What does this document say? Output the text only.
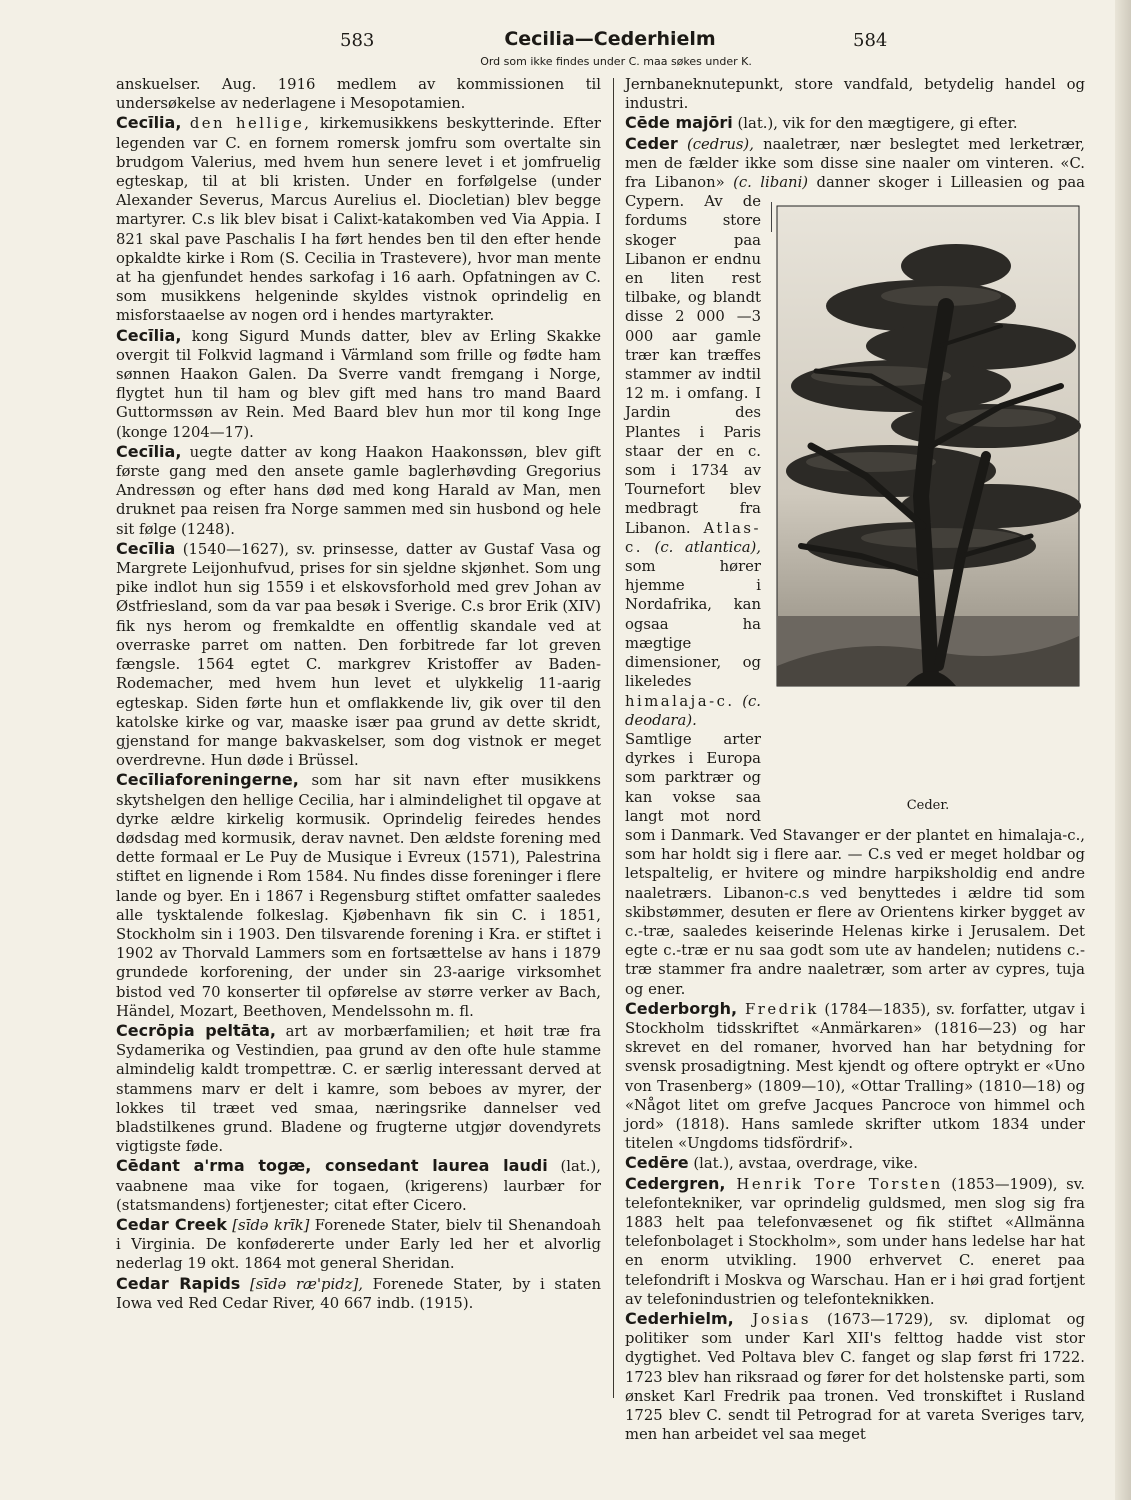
583	Cecilia—Cederhielm	584
Ord som ikke findes under C. maa søkes under K.

anskuelser. Aug. 1916 medlem av kommissionen til undersøkelse av nederlagene i Mesopotamien.

Cecīlia, den hellige, kirkemusikkens beskytterinde. Efter legenden var C. en fornem romersk jomfru som overtalte sin brudgom Valerius, med hvem hun senere levet i et jomfruelig egteskap, til at bli kristen. Under en forfølgelse (under Alexander Severus, Marcus Aurelius el. Diocletian) blev begge martyrer. C.s lik blev bisat i Calixt-katakomben ved Via Appia. I 821 skal pave Paschalis I ha ført hendes ben til den efter hende opkaldte kirke i Rom (S. Cecilia in Trastevere), hvor man mente at ha gjenfundet hendes sarkofag i 16 aarh. Opfatningen av C. som musikkens helgeninde skyldes vistnok oprindelig en misforstaaelse av nogen ord i hendes martyrakter.

Cecīlia, kong Sigurd Munds datter, blev av Erling Skakke overgit til Folkvid lagmand i Värmland som frille og fødte ham sønnen Haakon Galen. Da Sverre vandt fremgang i Norge, flygtet hun til ham og blev gift med hans tro mand Baard Guttormssøn av Rein. Med Baard blev hun mor til kong Inge (konge 1204—17).

Cecīlia, uegte datter av kong Haakon Haakonssøn, blev gift første gang med den ansete gamle baglerhøvding Gregorius Andressøn og efter hans død med kong Harald av Man, men druknet paa reisen fra Norge sammen med sin husbond og hele sit følge (1248).

Cecīlia (1540—1627), sv. prinsesse, datter av Gustaf Vasa og Margrete Leijonhufvud, prises for sin sjeldne skjønhet. Som ung pike indlot hun sig 1559 i et elskovsforhold med grev Johan av Østfriesland, som da var paa besøk i Sverige. C.s bror Erik (XIV) fik nys herom og fremkaldte en offentlig skandale ved at overraske parret om natten. Den forbitrede far lot greven fængsle. 1564 egtet C. markgrev Kristoffer av Baden-Rodemacher, med hvem hun levet et ulykkelig 11-aarig egteskap. Siden førte hun et omflakkende liv, gik over til den katolske kirke og var, maaske især paa grund av dette skridt, gjenstand for mange bakvaskelser, som dog vistnok er meget overdrevne. Hun døde i Brüssel.

Cecīliaforeningerne, som har sit navn efter musikkens skytshelgen den hellige Cecilia, har i almindelighet til opgave at dyrke ældre kirkelig kormusik. Oprindelig feiredes hendes dødsdag med kormusik, derav navnet. Den ældste forening med dette formaal er Le Puy de Musique i Evreux (1571), Palestrina stiftet en lignende i Rom 1584. Nu findes disse foreninger i flere lande og byer. En i 1867 i Regensburg stiftet omfatter saaledes alle tysktalende folkeslag. Kjøbenhavn fik sin C. i 1851, Stockholm sin i 1903. Den tilsvarende forening i Kra. er stiftet i 1902 av Thorvald Lammers som en fortsættelse av hans i 1879 grundede korforening, der under sin 23-aarige virksomhet bistod ved 70 konserter til opførelse av større verker av Bach, Händel, Mozart, Beethoven, Mendelssohn m. fl.

Cecrōpia peltāta, art av morbærfamilien; et høit træ fra Sydamerika og Vestindien, paa grund av den ofte hule stamme almindelig kaldt trompettræ. C. er særlig interessant derved at stammens marv er delt i kamre, som beboes av myrer, der lokkes til træet ved smaa, næringsrike dannelser ved bladstilkenes grund. Bladene og frugterne utgjør dovendyrets vigtigste føde.

Cēdant a'rma togæ, consedant laurea laudi (lat.), vaabnene maa vike for togaen, (krigerens) laurbær for (statsmandens) fortjenester; citat efter Cicero.

Cedar Creek [sīdə krīk] Forenede Stater, bielv til Shenandoah i Virginia. De konfødererte under Early led her et alvorlig nederlag 19 okt. 1864 mot general Sheridan.

Cedar Rapids [sīdə ræ'pidz], Forenede Stater, by i staten Iowa ved Red Cedar River, 40 667 indb. (1915).

Jernbaneknutepunkt, store vandfald, betydelig handel og industri.

Cēde majōri (lat.), vik for den mægtigere, gi efter.

Ceder (cedrus), naaletrær, nær beslegtet med lerketrær, men de fælder ikke som disse sine naaler om vinteren. «C. fra Libanon» (c. libani)
Ceder.
danner skoger i Lilleasien og paa Cypern. Av de fordums store skoger paa Libanon er endnu en liten rest tilbake, og blandt disse 2 000 —3 000 aar gamle trær kan træffes stammer av indtil 12 m. i omfang. I Jardin des Plantes i Paris staar der en c. som i 1734 av Tournefort blev medbragt fra Libanon. Atlas-c. (c. atlantica), som hører hjemme i Nordafrika, kan ogsaa ha mægtige dimensioner, og likeledes himalaja-c. (c. deodara). Samtlige arter dyrkes i Europa som parktrær og kan vokse saa langt mot nord som i Danmark. Ved Stavanger er der plantet en himalaja-c., som har holdt sig i flere aar. — C.s ved er meget holdbar og letspaltelig, er hvitere og mindre harpiksholdig end andre naaletrærs. Libanon-c.s ved benyttedes i ældre tid som skibstømmer, desuten er flere av Orientens kirker bygget av c.-træ, saaledes keiserinde Helenas kirke i Jerusalem. Det egte c.-træ er nu saa godt som ute av handelen; nutidens c.-træ stammer fra andre naaletrær, som arter av cypres, tuja og ener.

Cederborgh, Fredrik (1784—1835), sv. forfatter, utgav i Stockholm tidsskriftet «Anmärkaren» (1816—23) og har skrevet en del romaner, hvorved han har betydning for svensk prosadigtning. Mest kjendt og oftere optrykt er «Uno von Trasenberg» (1809—10), «Ottar Tralling» (1810—18) og «Något litet om grefve Jacques Pancroce von himmel och jord» (1818). Hans samlede skrifter utkom 1834 under titelen «Ungdoms tidsfördrif».

Cedēre (lat.), avstaa, overdrage, vike.

Cedergren, Henrik Tore Torsten (1853—1909), sv. telefontekniker, var oprindelig guldsmed, men slog sig fra 1883 helt paa telefonvæsenet og fik stiftet «Allmänna telefonbolaget i Stockholm», som under hans ledelse har hat en enorm utvikling. 1900 erhvervet C. eneret paa telefondrift i Moskva og Warschau. Han er i høi grad fortjent av telefonindustrien og telefonteknikken.

Cederhielm, Josias (1673—1729), sv. diplomat og politiker som under Karl XII's felttog hadde vist stor dygtighet. Ved Poltava blev C. fanget og slap først fri 1722. 1723 blev han riksraad og fører for det holstenske parti, som ønsket Karl Fredrik paa tronen. Ved tronskiftet i Rusland 1725 blev C. sendt til Petrograd for at vareta Sveriges tarv, men han arbeidet vel saa meget
